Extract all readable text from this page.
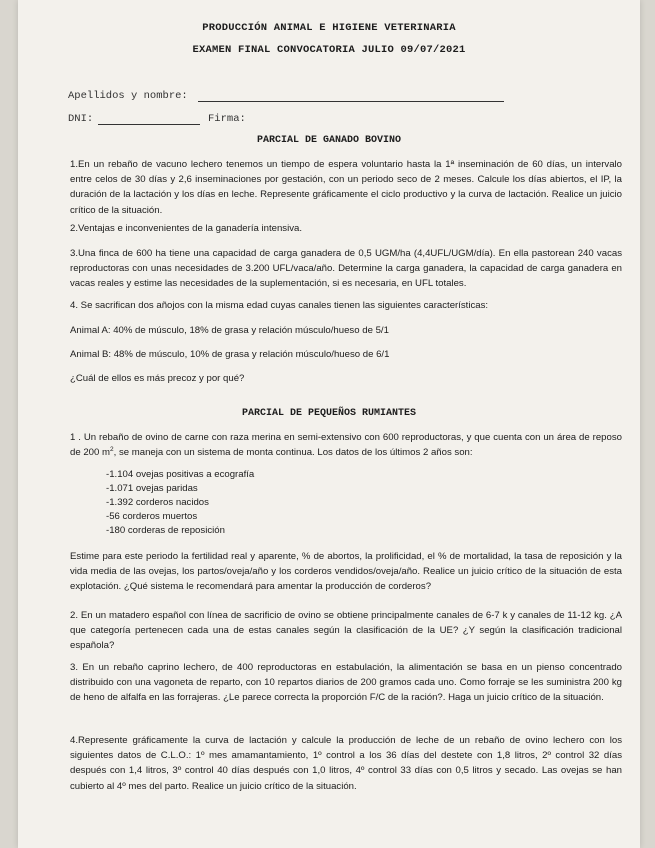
PRODUCCIÓN ANIMAL E HIGIENE VETERINARIA
EXAMEN FINAL CONVOCATORIA JULIO 09/07/2021
Apellidos y nombre:
DNI:	Firma:
PARCIAL DE GANADO BOVINO
1.En un rebaño de vacuno lechero tenemos un tiempo de espera voluntario hasta la 1ª inseminación de 60 días, un intervalo entre celos de 30 días y 2,6 inseminaciones por gestación, con un periodo seco de 2 meses. Calcule los días abiertos, el IP, la duración de la lactación y los días en leche. Represente gráficamente el ciclo productivo y la curva de lactación. Realice un juicio crítico de la situación.
2.Ventajas e inconvenientes de la ganadería intensiva.
3.Una finca de 600 ha tiene una capacidad de carga ganadera de 0,5 UGM/ha (4,4UFL/UGM/día). En ella pastorean 240 vacas reproductoras con unas necesidades de 3.200 UFL/vaca/año. Determine la carga ganadera, la capacidad de carga ganadera en vacas reales y estime las necesidades de la suplementación, si es necesaria, en UFL totales.
4. Se sacrifican dos añojos con la misma edad cuyas canales tienen las siguientes características:
Animal A: 40% de músculo, 18% de grasa y relación músculo/hueso de 5/1
Animal B: 48% de músculo, 10% de grasa y relación músculo/hueso de 6/1
¿Cuál de ellos es más precoz y por qué?
PARCIAL DE PEQUEÑOS RUMIANTES
1 . Un rebaño de ovino de carne con raza merina en semi-extensivo con 600 reproductoras, y que cuenta con un área de reposo de 200 $m^2$, se maneja con un sistema de monta continua. Los datos de los últimos 2 años son:
-1.104 ovejas positivas a ecografía
-1.071 ovejas paridas
-1.392 corderos nacidos
-56 corderos muertos
-180 corderas de reposición
Estime para este periodo la fertilidad real y aparente, % de abortos, la prolificidad, el % de mortalidad, la tasa de reposición y la vida media de las ovejas, los partos/oveja/año y los corderos vendidos/oveja/año. Realice un juicio crítico de la situación de esta explotación. ¿Qué sistema le recomendará para amentar la producción de corderos?
2. En un matadero español con línea de sacrificio de ovino se obtiene principalmente canales de 6-7 k y canales de 11-12 kg. ¿A que categoría pertenecen cada una de estas canales según la clasificación de la UE? ¿Y según la clasificación tradicional española?
3. En un rebaño caprino lechero, de 400 reproductoras en estabulación, la alimentación se basa en un pienso concentrado distribuido con una vagoneta de reparto, con 10 repartos diarios de 200 gramos cada uno. Como forraje se les suministra 200 kg de heno de alfalfa en las forrajeras. ¿Le parece correcta la proporción F/C de la ración?. Haga un juicio crítico de la situación.
4.Represente gráficamente la curva de lactación y calcule la producción de leche de un rebaño de ovino lechero con los siguientes datos de C.L.O.: 1º mes amamantamiento, 1º control a los 36 días del destete con 1,8 litros, 2º control 32 días después con 1,4 litros, 3º control 40 días después con 1,0 litros, 4º control 33 días con 0,5 litros y secado. Las ovejas se han cubierto al 4º mes del parto. Realice un juicio crítico de la situación.
